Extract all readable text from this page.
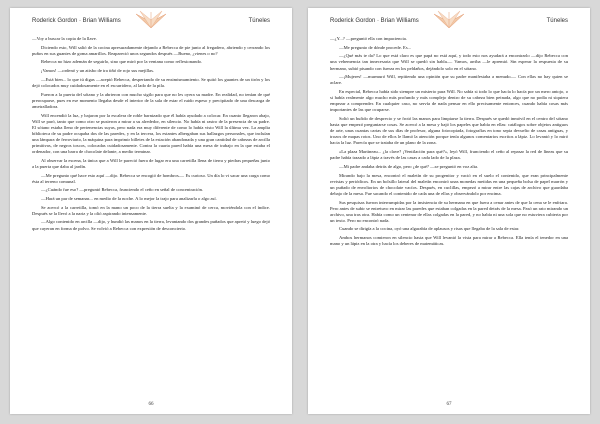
Roderick Gordon · Brian Williams	Túneles

—Voy a buscar la copia de la llave.

Diciendo esto, Will salió de la cocina apresuradamente dejando a Rebecca de pie junto al fregadero, abriendo y cerrando los puños en sus guantes de goma amarillos. Reapareció unos segundos después —Bueno, ¿vienes o no?

Rebecca no hizo ademán de seguirlo, sino que miró por la ventana como reflexionando.

¡Vamos! —ordenó y un atisbo de ira tiñó de rojo sus mejillas.

—Está bien... lo que tú digas —aceptó Rebecca, despertando de su ensimismamiento. Se quitó los guantes de un tirón y los dejó colocados muy cuidadosamente en el escurridero, al lado de la pila.

Fueron a la puerta del sótano y la abrieron con mucho sigilo para que no les oyera su madre. En realidad, no tenían de qué preocuparse, pues en ese momento llegaba desde el interior de la sala de estar el ruido espeso y precipitado de una descarga de ametralladora.

Will encendió la luz, y bajaron por la escalera de roble barnizado que él había ayudado a colocar. En cuanto llegaron abajo, Will se paró, tanto que como otro se pusieron a mirar a su alrededor, en silencio. No había ni rastro de la presencia de su padre. El sótano estaba lleno de pertenencias suyas, pero nada era muy diferente de como lo había visto Will la última vez. La amplia biblioteca de su padre ocupaba dos de las paredes, y en la tercera, los estantes albergaban sus hallazgos personales, que incluían una lámpara de ferroviario, la máquina para imprimir billetes de la estación abandonada y una gran cantidad de cabezas de arcilla primitivas, de negros toscos, colocadas cuidadosamente. Contra la cuarta pared había una mesa de trabajo en la que estaba el ordenador, con una barra de chocolate delante, a medio terminar.

Al observar la escena, la única que a Will le pareció fuera de lugar era una carretilla llena de tierra y piedras pequeñas junto a la puerta que daba al jardín.

—Me pregunto qué hace esto aquí —dijo. Rebecca se encogió de hombros—. Es curioso. Un día lo vi sacar una carga como ésta al terreno comunal.

—¿Cuándo fue eso? —preguntó Rebecca, frunciendo el ceño en señal de concentración.

—Hará un par de semanas... en medio de la noche. A lo mejor la trajo para analizarla o algo así.

Se acercó a la carretilla, tomó en la mano un poco de la tierra suelta y la examinó de cerca, moviéndola con el índice. Después se la llevó a la nariz y la olió aspirando intensamente.

—Algo contenido en arcilla —dijo, y hundió las manos en la tierra, levantando dos grandes puñados que apretó y luego dejó que cayeran en forma de polvo. Se volvió a Rebecca con expresión de desconcierto.

66
Roderick Gordon · Brian Williams	Túneles

—¿Y...? —preguntó ella con impaciencia.

—Me pregunto de dónde procede. Es...

—¿Qué más te da? Lo que está claro es que papá no está aquí, y todo esto nos ayudará a encontrarlo —dijo Rebecca con una vehemencia tan innecesaria que Will se quedó sin habla—. Vamos, arriba —le apremió. Sin esperar la respuesta de su hermano, subió pisando con fuerza en los peldaños, dejándolo solo en el sótano.

—¡Mujeres! —murmuró Will, repitiendo una opinión que su padre manifestaba a menudo—. Con ellas no hay quien se aclare.

En especial, Rebecca había sido siempre un misterio para Will. No sabía si todo lo que hacía lo hacía por un mero antojo, o si había realmente algo mucho más profundo y más complejo dentro de su cabeza bien peinada, algo que no podía ni siquiera empezar a comprender. En cualquier caso, no servía de nada pensar en ello precisamente entonces, cuando había cosas más importantes de las que ocuparse.

Soltó un bufido de desprecio y se frotó las manos para limpiarse la tierra. Después se quedó inmóvil en el centro del sótano hasta que empezó preguntarse cosas. Se acercó a la mesa y bajó los papeles que había en ellas: catálogos sobre objetos antiguos de arte, unas cuantas cartas de sus días de profesor, alguna fotocopiada, fotografías en tono sepia devuelto de casas antiguas, y trozos de mapas rotos. Uno de ellos le llamó la atención porque tenía algunos comentarios escritos a lápiz. Lo levantó y lo miró hacia la luz. Parecía que se trataba de un plano de la zona.

«La plaza Martineau... ¿la clave? ¡Ventilación para qué?», leyó Will, frunciendo el ceño al repasar la red de líneas que su padre había trazado a lápiz a través de las casas a cada lado de la plaza.

—Mi padre andaba detrás de algo, pero ¿de qué? —se preguntó en voz alta.

Mirando bajo la mesa, encontró el maletín de su progenitor y vació en el suelo el contenido, que eran principalmente revistas y periódicos. En un bolsillo lateral del maletín encontró unas monedas metidas en una pequeña bolsa de papel marrón y un puñado de envoltorios de chocolate vacíos. Después, en cuclillas, empezó a mirar entre las cajas de archivo que guardaba debajo de la mesa. Fue sacando el contenido de cada una de ellas y observándolo por encima.

Sus pesquisas fueron interrumpidas por la insistencia de su hermana en que fuera a cenar antes de que la cena se le enfriara. Pero antes de subir se entretuvo en mirar las paredes que estaban colgadas en la pared detrás de la mesa. Pasó un rato mirando un archivo, una tras otra. Había como un centenar de ellas colgadas en la pared, y no había ni una sola que no estuviera cubierta por un texto. Pero no encontró nada.

Cuando se dirigía a la cocina, oyó una algarabía de aplausos y risas que llegaba de la sala de estar.

Ambos hermanos comieron en silencio hasta que Will levantó la vista para mirar a Rebecca. Ella tenía el tenedor en una mano y un lápiz en la otra y hacía los deberes de matemáticas.

67
